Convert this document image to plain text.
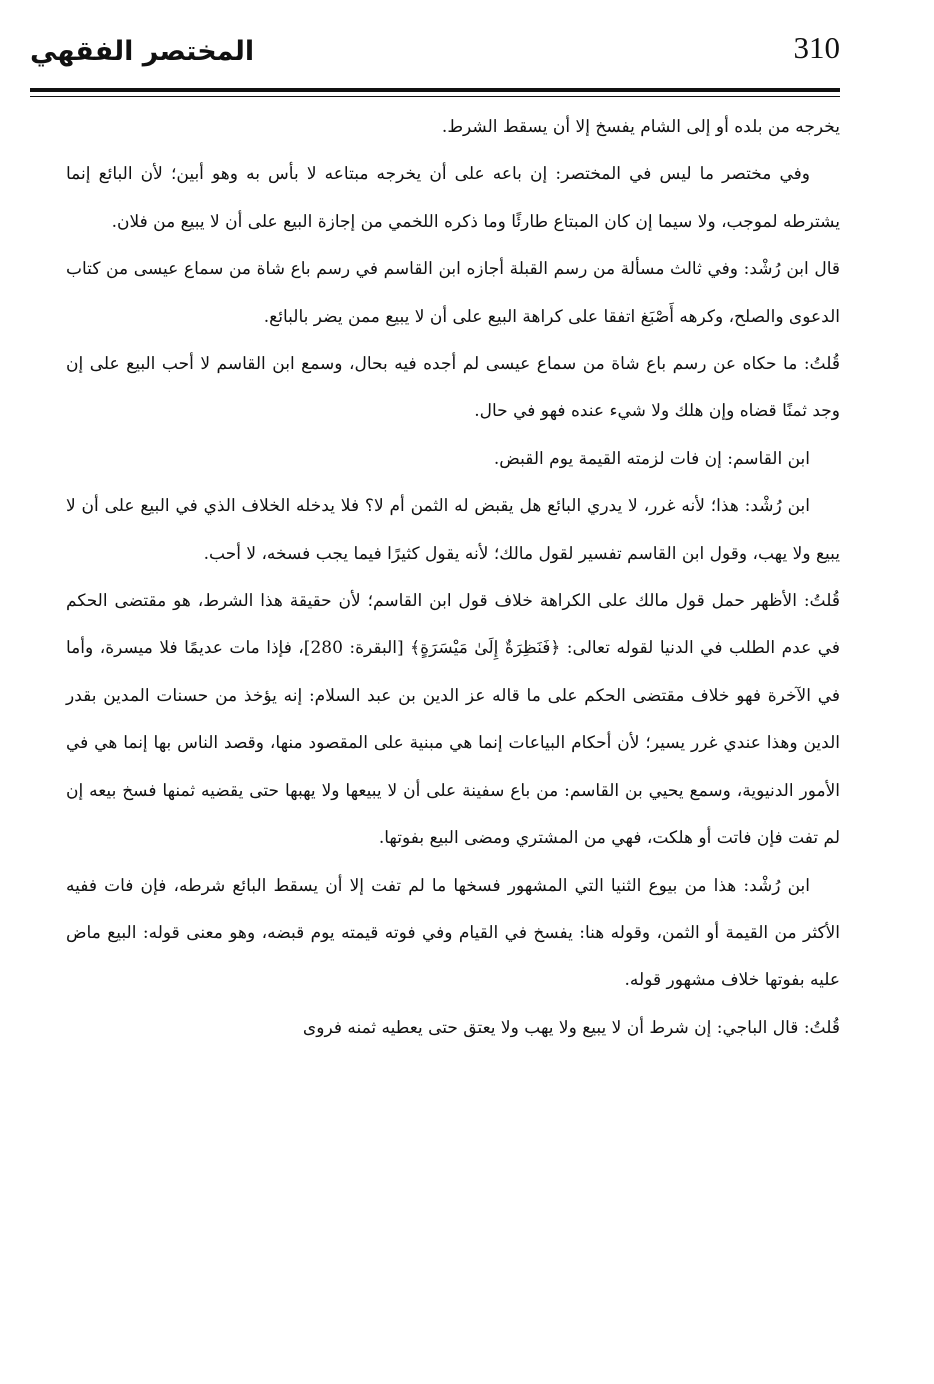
المختصر الفقهي	310

يخرجه من بلده أو إلى الشام يفسخ إلا أن يسقط الشرط.

وفي مختصر ما ليس في المختصر: إن باعه على أن يخرجه مبتاعه لا بأس به وهو أبين؛ لأن البائع إنما يشترطه لموجب، ولا سيما إن كان المبتاع طارئًا وما ذكره اللخمي من إجازة البيع على أن لا يبيع من فلان.

قال ابن رُشْد: وفي ثالث مسألة من رسم القبلة أجازه ابن القاسم في رسم باع شاة من سماع عيسى من كتاب الدعوى والصلح، وكرهه أَصْبَغ اتفقا على كراهة البيع على أن لا يبيع ممن يضر بالبائع.

قُلتُ: ما حكاه عن رسم باع شاة من سماع عيسى لم أجده فيه بحال، وسمع ابن القاسم لا أحب البيع على إن وجد ثمنًا قضاه وإن هلك ولا شيء عنده فهو في حال.

ابن القاسم: إن فات لزمته القيمة يوم القبض.

ابن رُشْد: هذا؛ لأنه غرر، لا يدري البائع هل يقبض له الثمن أم لا؟ فلا يدخله الخلاف الذي في البيع على أن لا يبيع ولا يهب، وقول ابن القاسم تفسير لقول مالك؛ لأنه يقول كثيرًا فيما يجب فسخه، لا أحب.

قُلتُ: الأظهر حمل قول مالك على الكراهة خلاف قول ابن القاسم؛ لأن حقيقة هذا الشرط، هو مقتضى الحكم في عدم الطلب في الدنيا لقوله تعالى: ﴿فَنَظِرَةٌ إِلَىٰ مَيْسَرَةٍ﴾ [البقرة: 280]، فإذا مات عديمًا فلا ميسرة، وأما في الآخرة فهو خلاف مقتضى الحكم على ما قاله عز الدين بن عبد السلام: إنه يؤخذ من حسنات المدين بقدر الدين وهذا عندي غرر يسير؛ لأن أحكام البياعات إنما هي مبنية على المقصود منها، وقصد الناس بها إنما هي في الأمور الدنيوية، وسمع يحيي بن القاسم: من باع سفينة على أن لا يبيعها ولا يهبها حتى يقضيه ثمنها فسخ بيعه إن لم تفت فإن فاتت أو هلكت، فهي من المشتري ومضى البيع بفوتها.

ابن رُشْد: هذا من بيوع الثنيا التي المشهور فسخها ما لم تفت إلا أن يسقط البائع شرطه، فإن فات ففيه الأكثر من القيمة أو الثمن، وقوله هنا: يفسخ في القيام وفي فوته قيمته يوم قبضه، وهو معنى قوله: البيع ماض عليه بفوتها خلاف مشهور قوله.

قُلتُ: قال الباجي: إن شرط أن لا يبيع ولا يهب ولا يعتق حتى يعطيه ثمنه فروى
